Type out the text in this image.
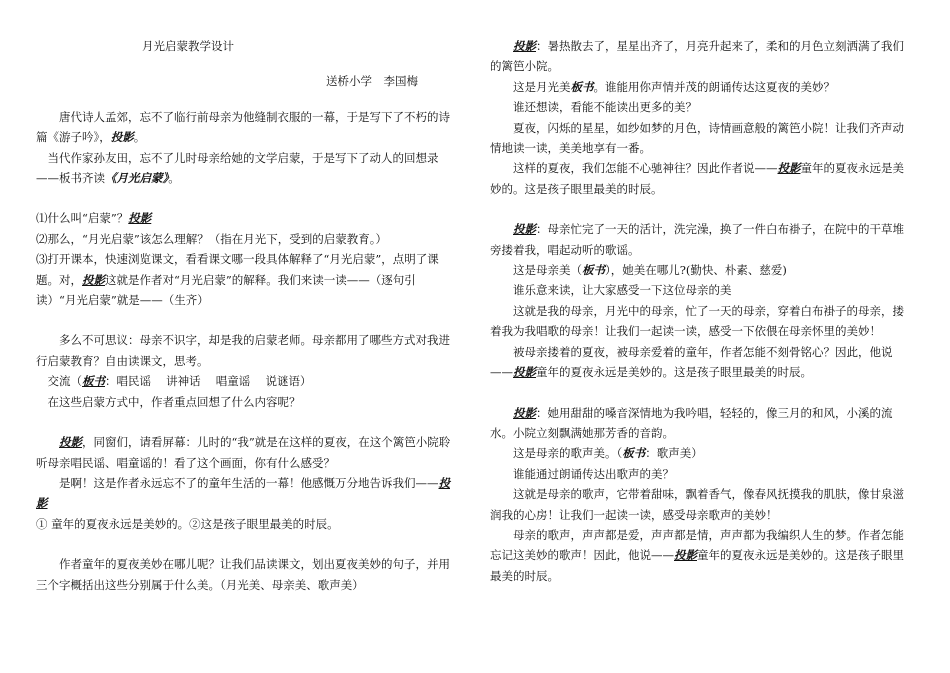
月光启蒙教学设计

送桥小学　李国梅

唐代诗人孟郊，忘不了临行前母亲为他缝制衣服的一幕，于是写下了不朽的诗篇《游子吟》，投影。

当代作家孙友田，忘不了儿时母亲给她的文学启蒙，于是写下了动人的回想录——板书齐读《月光启蒙》。

⑴什么叫“启蒙”？投影

⑵那么，“月光启蒙”该怎么理解？（指在月光下，受到的启蒙教育。）

⑶打开课本，快速浏览课文，看看课文哪一段具体解释了“月光启蒙”，点明了课题。对，投影这就是作者对“月光启蒙”的解释。我们来读一读——（逐句引读）“月光启蒙”就是——（生齐）

多么不可思议：母亲不识字，却是我的启蒙老师。母亲都用了哪些方式对我进行启蒙教育？自由读课文，思考。

交流（板书：唱民谣　 讲神话　 唱童谣　 说谜语）

在这些启蒙方式中，作者重点回想了什么内容呢？

投影，同窗们，请看屏幕：儿时的“我”就是在这样的夏夜，在这个篱笆小院聆听母亲唱民谣、唱童谣的！看了这个画面，你有什么感受？

是啊！这是作者永远忘不了的童年生活的一幕！他感慨万分地告诉我们——投影

① 童年的夏夜永远是美妙的。②这是孩子眼里最美的时辰。

作者童年的夏夜美妙在哪儿呢？让我们品读课文，划出夏夜美妙的句子，并用三个字概括出这些分别属于什么美。（月光美、母亲美、歌声美）

投影：暑热散去了，星星出齐了，月亮升起来了，柔和的月色立刻洒满了我们的篱笆小院。

这是月光美板书。谁能用你声情并茂的朗诵传达这夏夜的美妙？

谁还想读，看能不能读出更多的美？

夏夜，闪烁的星星，如纱如梦的月色，诗情画意般的篱笆小院！让我们齐声动情地读一读，美美地享有一番。

这样的夏夜，我们怎能不心驰神往？因此作者说——投影童年的夏夜永远是美妙的。这是孩子眼里最美的时辰。

投影：母亲忙完了一天的活计，洗完澡，换了一件白布褂子，在院中的干草堆旁搂着我，唱起动听的歌谣。

这是母亲美（板书），她美在哪儿?(勤快、朴素、慈爱)

谁乐意来读，让大家感受一下这位母亲的美

这就是我的母亲，月光中的母亲，忙了一天的母亲，穿着白布褂子的母亲，搂着我为我唱歌的母亲！让我们一起读一读，感受一下依偎在母亲怀里的美妙！

被母亲搂着的夏夜，被母亲爱着的童年，作者怎能不刻骨铭心？因此，他说——投影童年的夏夜永远是美妙的。这是孩子眼里最美的时辰。

投影：她用甜甜的嗓音深情地为我吟唱，轻轻的，像三月的和风，小溪的流水。小院立刻飘满她那芳香的音韵。

这是母亲的歌声美。（板书：歌声美）

谁能通过朗诵传达出歌声的美？

这就是母亲的歌声，它带着甜味，飘着香气，像春风抚摸我的肌肤，像甘泉滋润我的心房！让我们一起读一读，感受母亲歌声的美妙！

母亲的歌声，声声都是爱，声声都是情，声声都为我编织人生的梦。作者怎能忘记这美妙的歌声！因此，他说——投影童年的夏夜永远是美妙的。这是孩子眼里最美的时辰。
